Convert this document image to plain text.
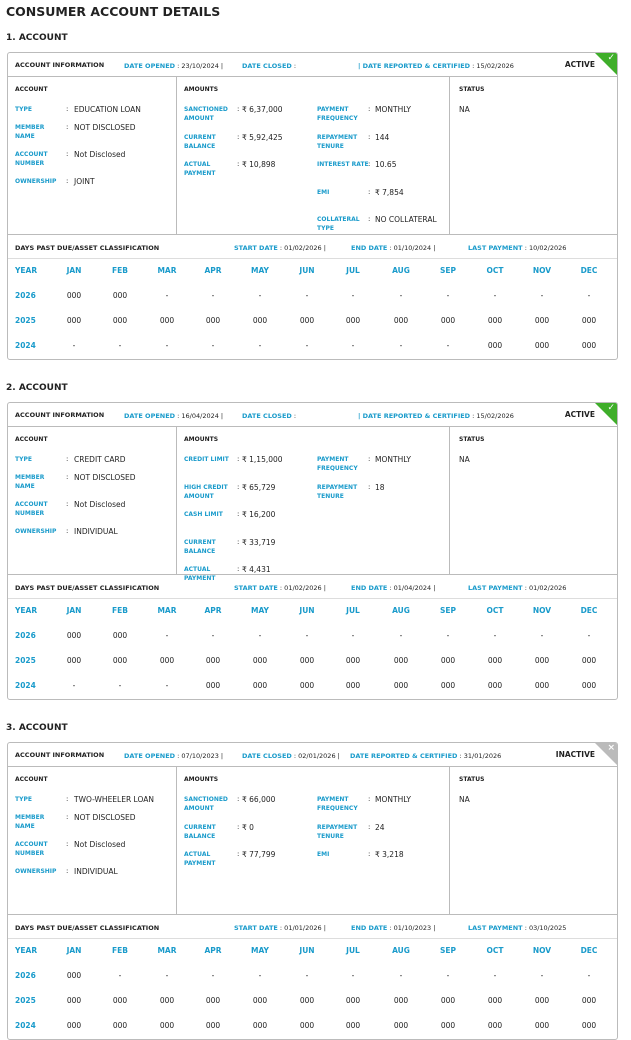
CONSUMER ACCOUNT DETAILS
1. ACCOUNT
ACCOUNT INFORMATION	DATE OPENED : 23/10/2024 |	DATE CLOSED :	| DATE REPORTED & CERTIFIED : 15/02/2026	ACTIVE
✓
ACCOUNT	AMOUNTS	STATUS
TYPE	: EDUCATION LOAN
MEMBER NAME
: NOT DISCLOSED
ACCOUNT NUMBER
: Not Disclosed
OWNERSHIP	: JOINT
SANCTIONED AMOUNT
: ₹ 6,37,000
CURRENT BALANCE
: ₹ 5,92,425
ACTUAL PAYMENT
: ₹ 10,898
PAYMENT FREQUENCY
: MONTHLY
REPAYMENT TENURE
: 144
INTEREST RATE : 10.65
EMI	: ₹ 7,854
COLLATERAL TYPE
: NO COLLATERAL
NA
DAYS PAST DUE/ASSET CLASSIFICATION	START DATE : 01/02/2026 |	END DATE : 01/10/2024 |	LAST PAYMENT : 10/02/2026
YEAR	JAN	FEB	MAR	APR	MAY	JUN	JUL	AUG	SEP	OCT	NOV	DEC
2026	000	000	-	-	-	-	-	-	-	-	-	-
2025	000	000	000	000	000	000	000	000	000	000	000	000
2024	-	-	-	-	-	-	-	-	-	000	000	000
2. ACCOUNT
ACCOUNT INFORMATION	DATE OPENED : 16/04/2024 |	DATE CLOSED :	| DATE REPORTED & CERTIFIED : 15/02/2026	ACTIVE
✓
ACCOUNT	AMOUNTS	STATUS
TYPE	: CREDIT CARD
MEMBER NAME
: NOT DISCLOSED
ACCOUNT NUMBER
: Not Disclosed
OWNERSHIP	: INDIVIDUAL
CREDIT LIMIT	: ₹ 1,15,000
HIGH CREDIT AMOUNT
: ₹ 65,729
CASH LIMIT	: ₹ 16,200
CURRENT BALANCE
: ₹ 33,719
ACTUAL PAYMENT
: ₹ 4,431
PAYMENT FREQUENCY
: MONTHLY
REPAYMENT TENURE
: 18
NA
DAYS PAST DUE/ASSET CLASSIFICATION	START DATE : 01/02/2026 |	END DATE : 01/04/2024 |	LAST PAYMENT : 01/02/2026
YEAR	JAN	FEB	MAR	APR	MAY	JUN	JUL	AUG	SEP	OCT	NOV	DEC
2026	000	000	-	-	-	-	-	-	-	-	-	-
2025	000	000	000	000	000	000	000	000	000	000	000	000
2024	-	-	-	000	000	000	000	000	000	000	000	000
3. ACCOUNT
ACCOUNT INFORMATION	DATE OPENED : 07/10/2023 |	DATE CLOSED : 02/01/2026 | DATE REPORTED & CERTIFIED : 31/01/2026	INACTIVE
×
ACCOUNT	AMOUNTS	STATUS
TYPE	: TWO-WHEELER LOAN
MEMBER NAME
: NOT DISCLOSED
ACCOUNT NUMBER
: Not Disclosed
OWNERSHIP	: INDIVIDUAL
SANCTIONED AMOUNT
: ₹ 66,000
CURRENT BALANCE
: ₹ 0
ACTUAL PAYMENT
: ₹ 77,799
PAYMENT FREQUENCY
: MONTHLY
REPAYMENT TENURE
: 24
EMI	: ₹ 3,218
NA
DAYS PAST DUE/ASSET CLASSIFICATION	START DATE : 01/01/2026 |	END DATE : 01/10/2023 |	LAST PAYMENT : 03/10/2025
YEAR	JAN	FEB	MAR	APR	MAY	JUN	JUL	AUG	SEP	OCT	NOV	DEC
2026	000	-	-	-	-	-	-	-	-	-	-	-
2025	000	000	000	000	000	000	000	000	000	000	000	000
2024	000	000	000	000	000	000	000	000	000	000	000	000
